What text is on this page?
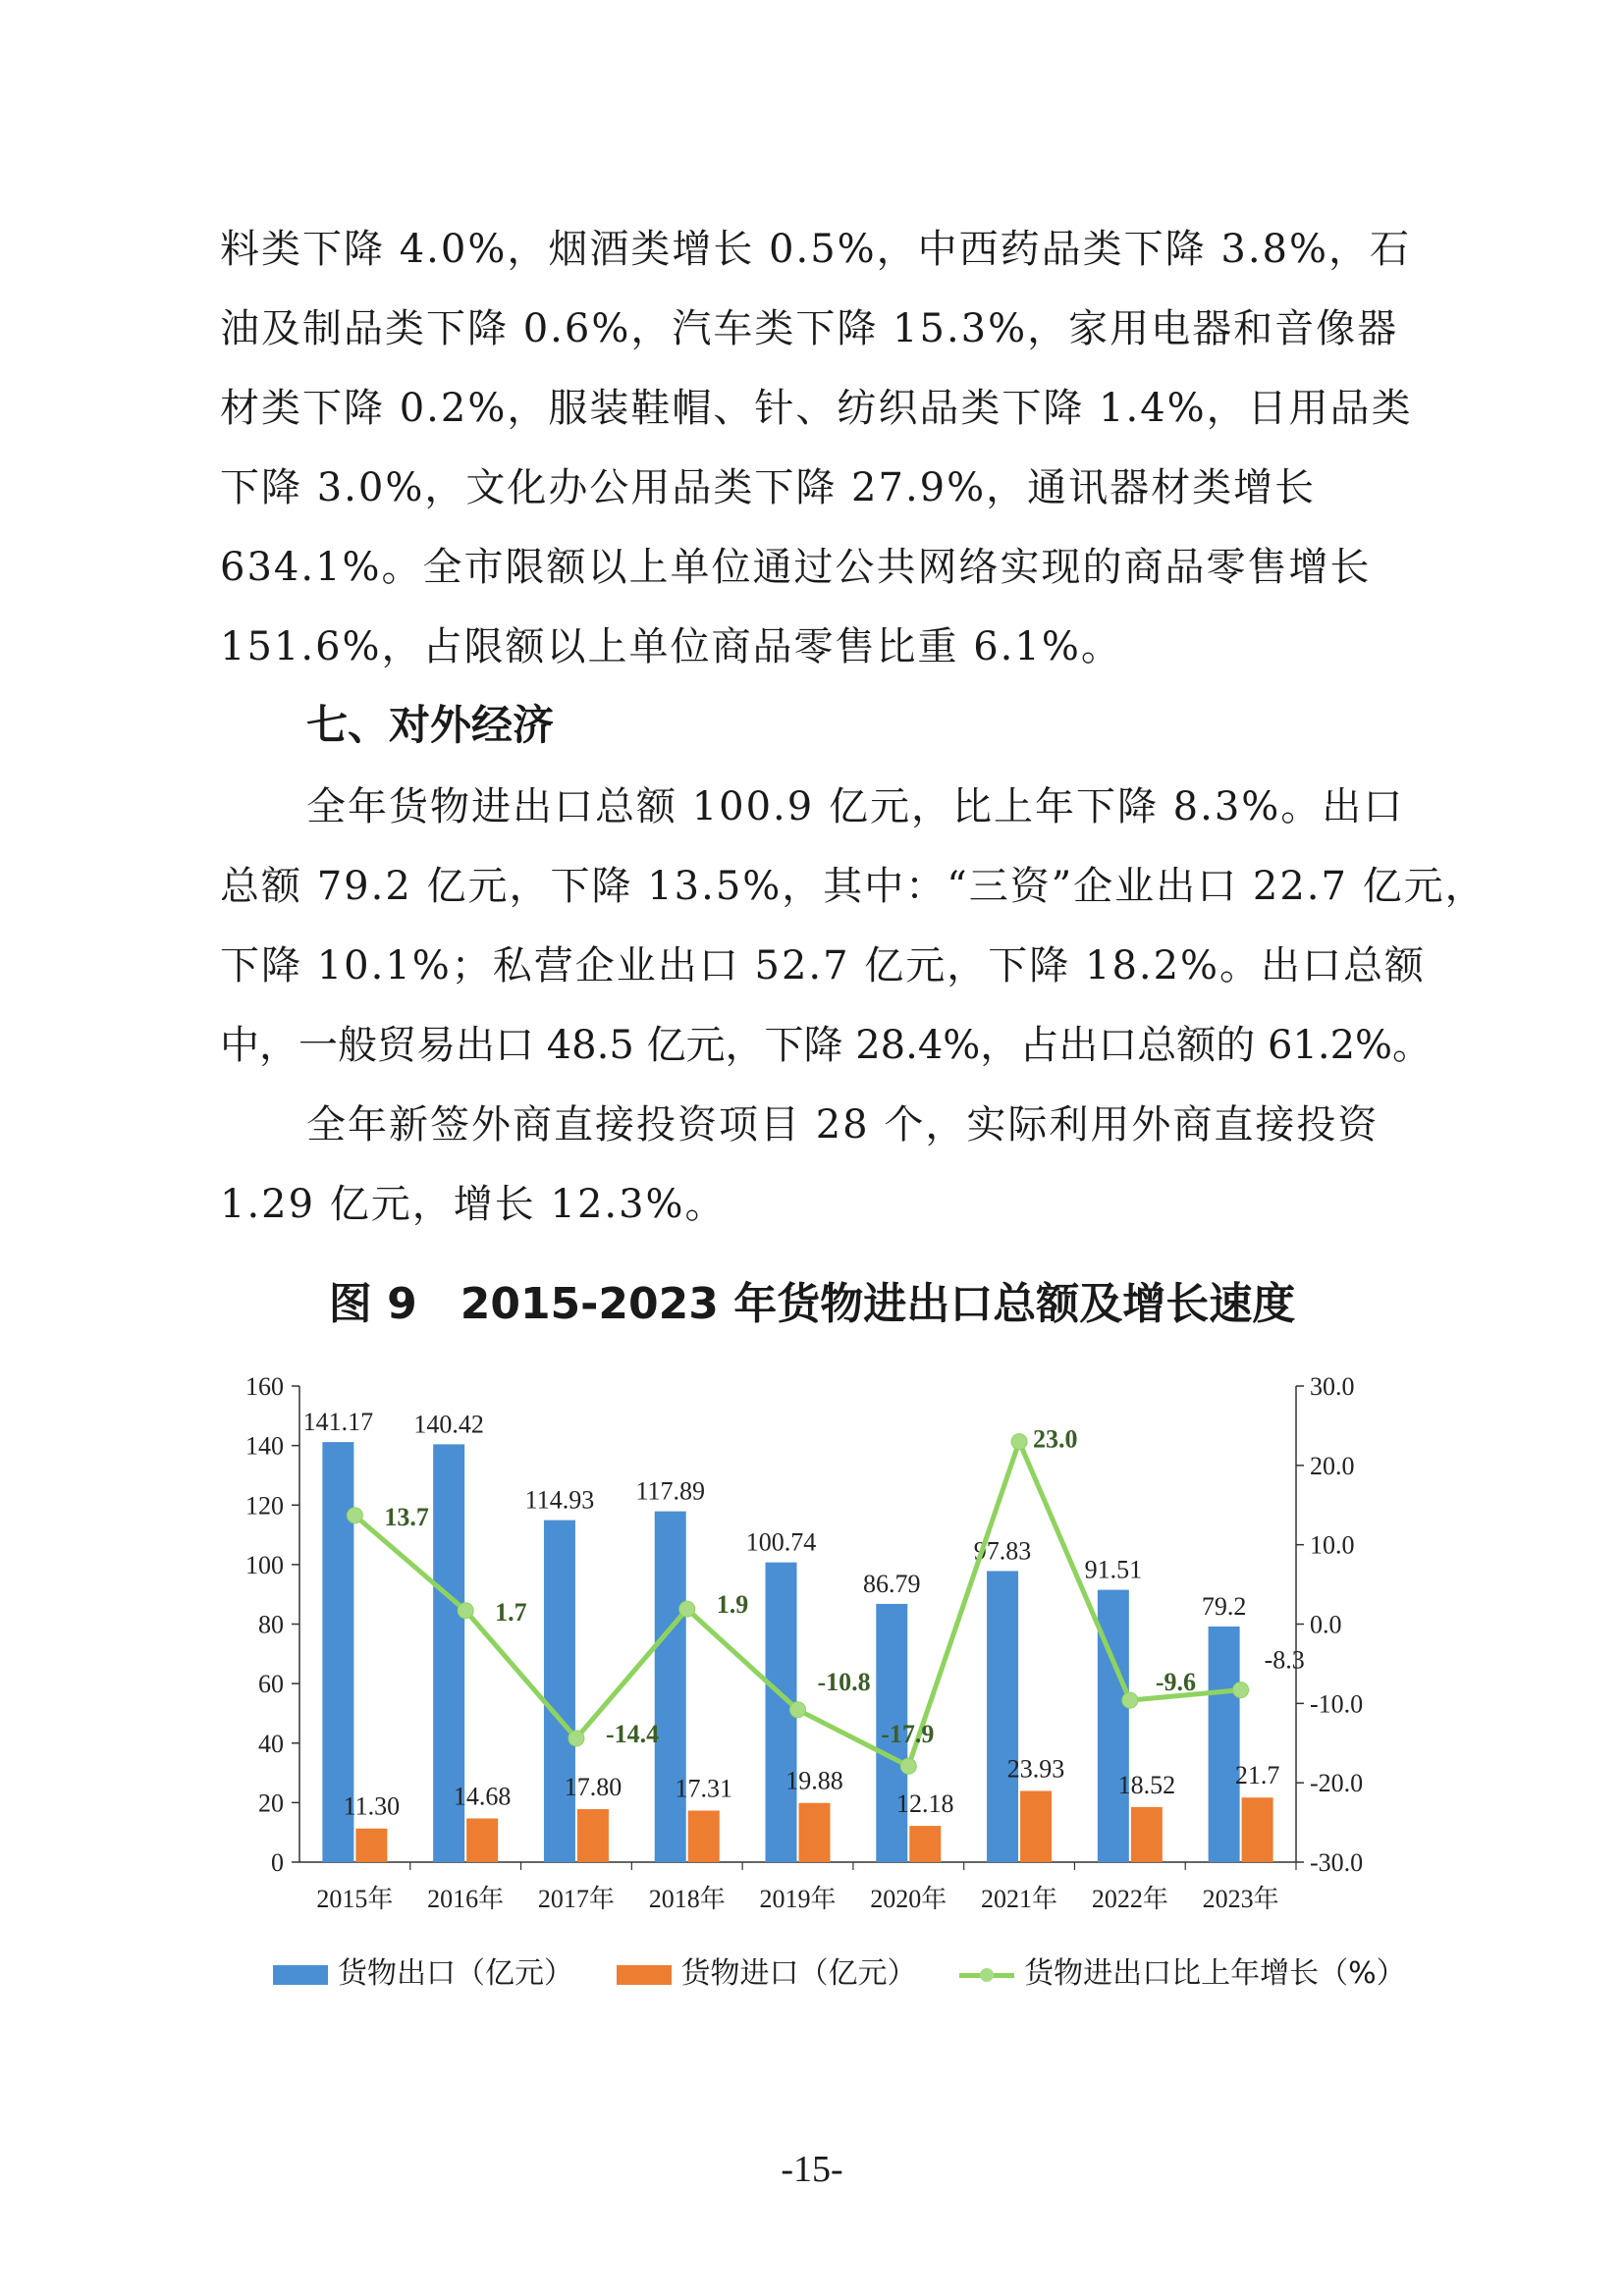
料类下降 4.0%，烟酒类增长 0.5%，中西药品类下降 3.8%，石
油及制品类下降 0.6%，汽车类下降 15.3%，家用电器和音像器
材类下降 0.2%，服装鞋帽、针、纺织品类下降 1.4%，日用品类
下降 3.0%，文化办公用品类下降 27.9%，通讯器材类增长
634.1%。全市限额以上单位通过公共网络实现的商品零售增长
151.6%，占限额以上单位商品零售比重 6.1%。
七、对外经济
全年货物进出口总额 100.9 亿元，比上年下降 8.3%。出口
总额 79.2 亿元，下降 13.5%，其中：“三资”企业出口 22.7 亿元，
下降 10.1%；私营企业出口 52.7 亿元，下降 18.2%。出口总额
中，一般贸易出口 48.5 亿元，下降 28.4%，占出口总额的 61.2%。
全年新签外商直接投资项目 28 个，实际利用外商直接投资
1.29 亿元，增长 12.3%。
图 9　2015-2023 年货物进出口总额及增长速度
0
20
40
60
80
100
120
140
160
-30.0
-20.0
-10.0
0.0
10.0
20.0
30.0
2015年
141.17
11.30
2016年
140.42
14.68
2017年
114.93
17.80
2018年
117.89
17.31
2019年
100.74
19.88
2020年
86.79
12.18
2021年
97.83
23.93
2022年
91.51
18.52
2023年
79.2
21.7
13.7
1.7
-14.4
1.9
-10.8
-17.9
23.0
-9.6
-8.3
货物出口（亿元）	货物进口（亿元）	货物进出口比上年增长（%）
-15-
